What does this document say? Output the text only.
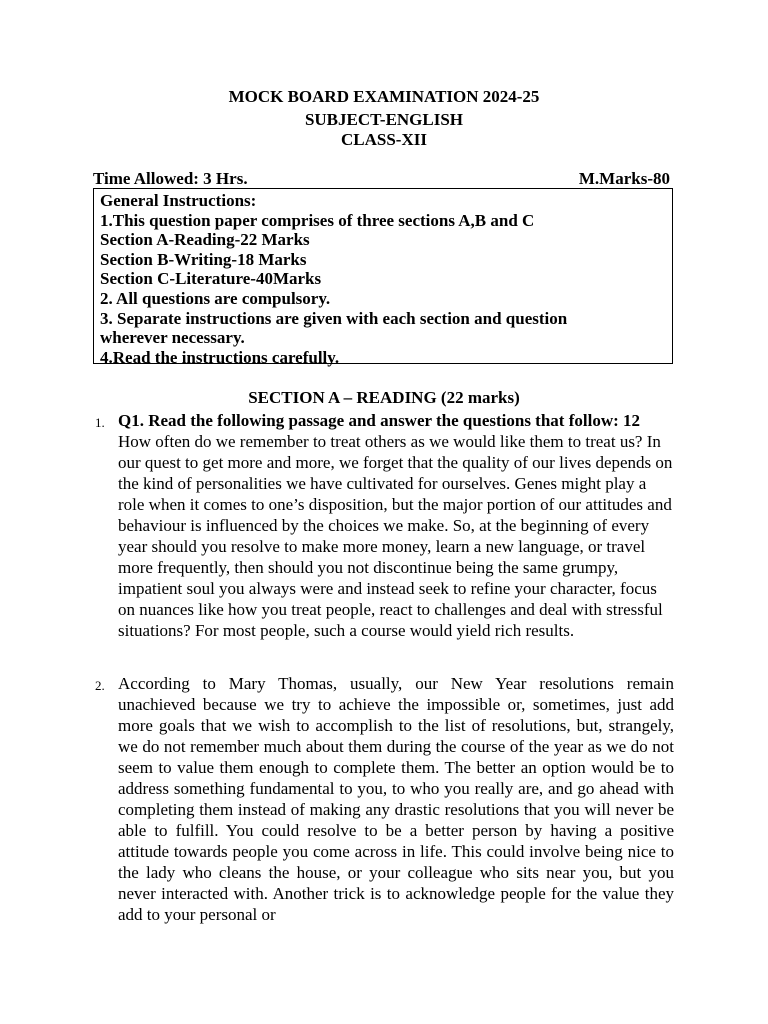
MOCK BOARD EXAMINATION 2024-25
SUBJECT-ENGLISH
CLASS-XII
Time Allowed: 3 Hrs.	M.Marks-80
General Instructions:
1.This question paper comprises of three sections A,B and C
Section A-Reading-22 Marks
Section B-Writing-18 Marks
Section C-Literature-40Marks
2. All questions are compulsory.
3. Separate instructions are given with each section and question
wherever necessary.
4.Read the instructions carefully.
SECTION A – READING (22 marks)
1. Q1. Read the following passage and answer the questions that follow: 12
How often do we remember to treat others as we would like them to treat us? In our quest to get more and more, we forget that the quality of our lives depends on the kind of personalities we have cultivated for ourselves. Genes might play a role when it comes to one’s disposition, but the major portion of our attitudes and behaviour is influenced by the choices we make. So, at the beginning of every year should you resolve to make more money, learn a new language, or travel more frequently, then should you not discontinue being the same grumpy, impatient soul you always were and instead seek to refine your character, focus on nuances like how you treat people, react to challenges and deal with stressful situations? For most people, such a course would yield rich results.
2. According to Mary Thomas, usually, our New Year resolutions remain unachieved because we try to achieve the impossible or, sometimes, just add more goals that we wish to accomplish to the list of resolutions, but, strangely, we do not remember much about them during the course of the year as we do not seem to value them enough to complete them. The better an option would be to address something fundamental to you, to who you really are, and go ahead with completing them instead of making any drastic resolutions that you will never be able to fulfill. You could resolve to be a better person by having a positive attitude towards people you come across in life. This could involve being nice to the lady who cleans the house, or your colleague who sits near you, but you never interacted with. Another trick is to acknowledge people for the value they add to your personal or
